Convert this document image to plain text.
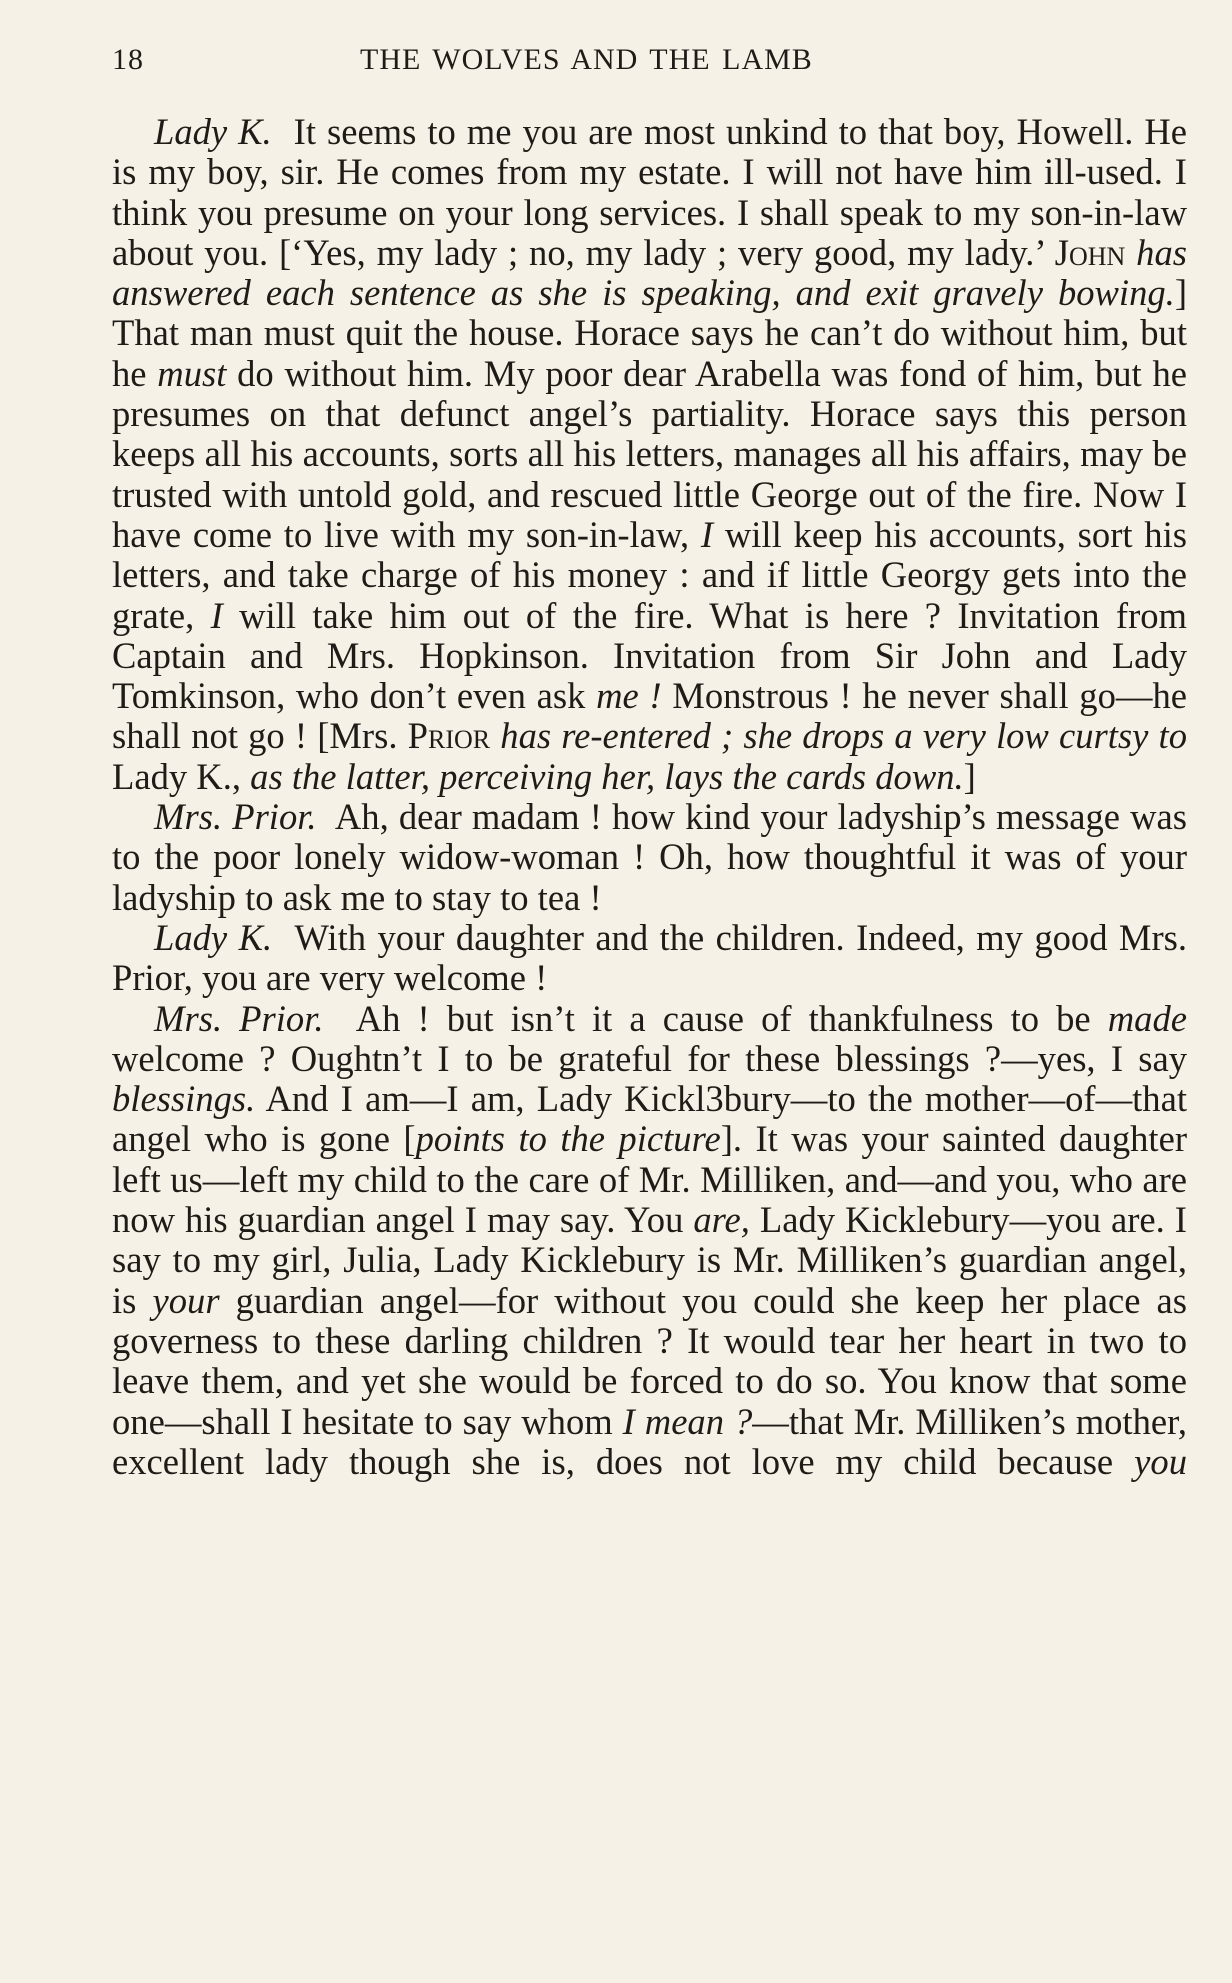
18	THE WOLVES AND THE LAMB

Lady K. It seems to me you are most unkind to that boy, Howell. He is my boy, sir. He comes from my estate. I will not have him ill-used. I think you presume on your long services. I shall speak to my son-in-law about you. [‘Yes, my lady ; no, my lady ; very good, my lady.’ John has answered each sentence as she is speaking, and exit gravely bowing.] That man must quit the house. Horace says he can’t do without him, but he must do without him. My poor dear Arabella was fond of him, but he presumes on that defunct angel’s partiality. Horace says this person keeps all his accounts, sorts all his letters, manages all his affairs, may be trusted with untold gold, and rescued little George out of the fire. Now I have come to live with my son-in-law, I will keep his accounts, sort his letters, and take charge of his money : and if little Georgy gets into the grate, I will take him out of the fire. What is here ? Invitation from Captain and Mrs. Hopkinson. Invitation from Sir John and Lady Tomkinson, who don’t even ask me ! Monstrous ! he never shall go—he shall not go ! [Mrs. Prior has re-entered ; she drops a very low curtsy to Lady K., as the latter, perceiving her, lays the cards down.]

Mrs. Prior. Ah, dear madam ! how kind your ladyship’s message was to the poor lonely widow-woman ! Oh, how thoughtful it was of your ladyship to ask me to stay to tea !

Lady K. With your daughter and the children. Indeed, my good Mrs. Prior, you are very welcome !

Mrs. Prior. Ah ! but isn’t it a cause of thankfulness to be made welcome ? Oughtn’t I to be grateful for these blessings ?—yes, I say blessings. And I am—I am, Lady Kickl3bury—to the mother—of—that angel who is gone [points to the picture]. It was your sainted daughter left us—left my child to the care of Mr. Milliken, and—and you, who are now his guardian angel I may say. You are, Lady Kicklebury—you are. I say to my girl, Julia, Lady Kicklebury is Mr. Milliken’s guardian angel, is your guardian angel—for without you could she keep her place as governess to these darling children ? It would tear her heart in two to leave them, and yet she would be forced to do so. You know that some one—shall I hesitate to say whom I mean ?—that Mr. Milliken’s mother, excellent lady though she is, does not love my child because you
